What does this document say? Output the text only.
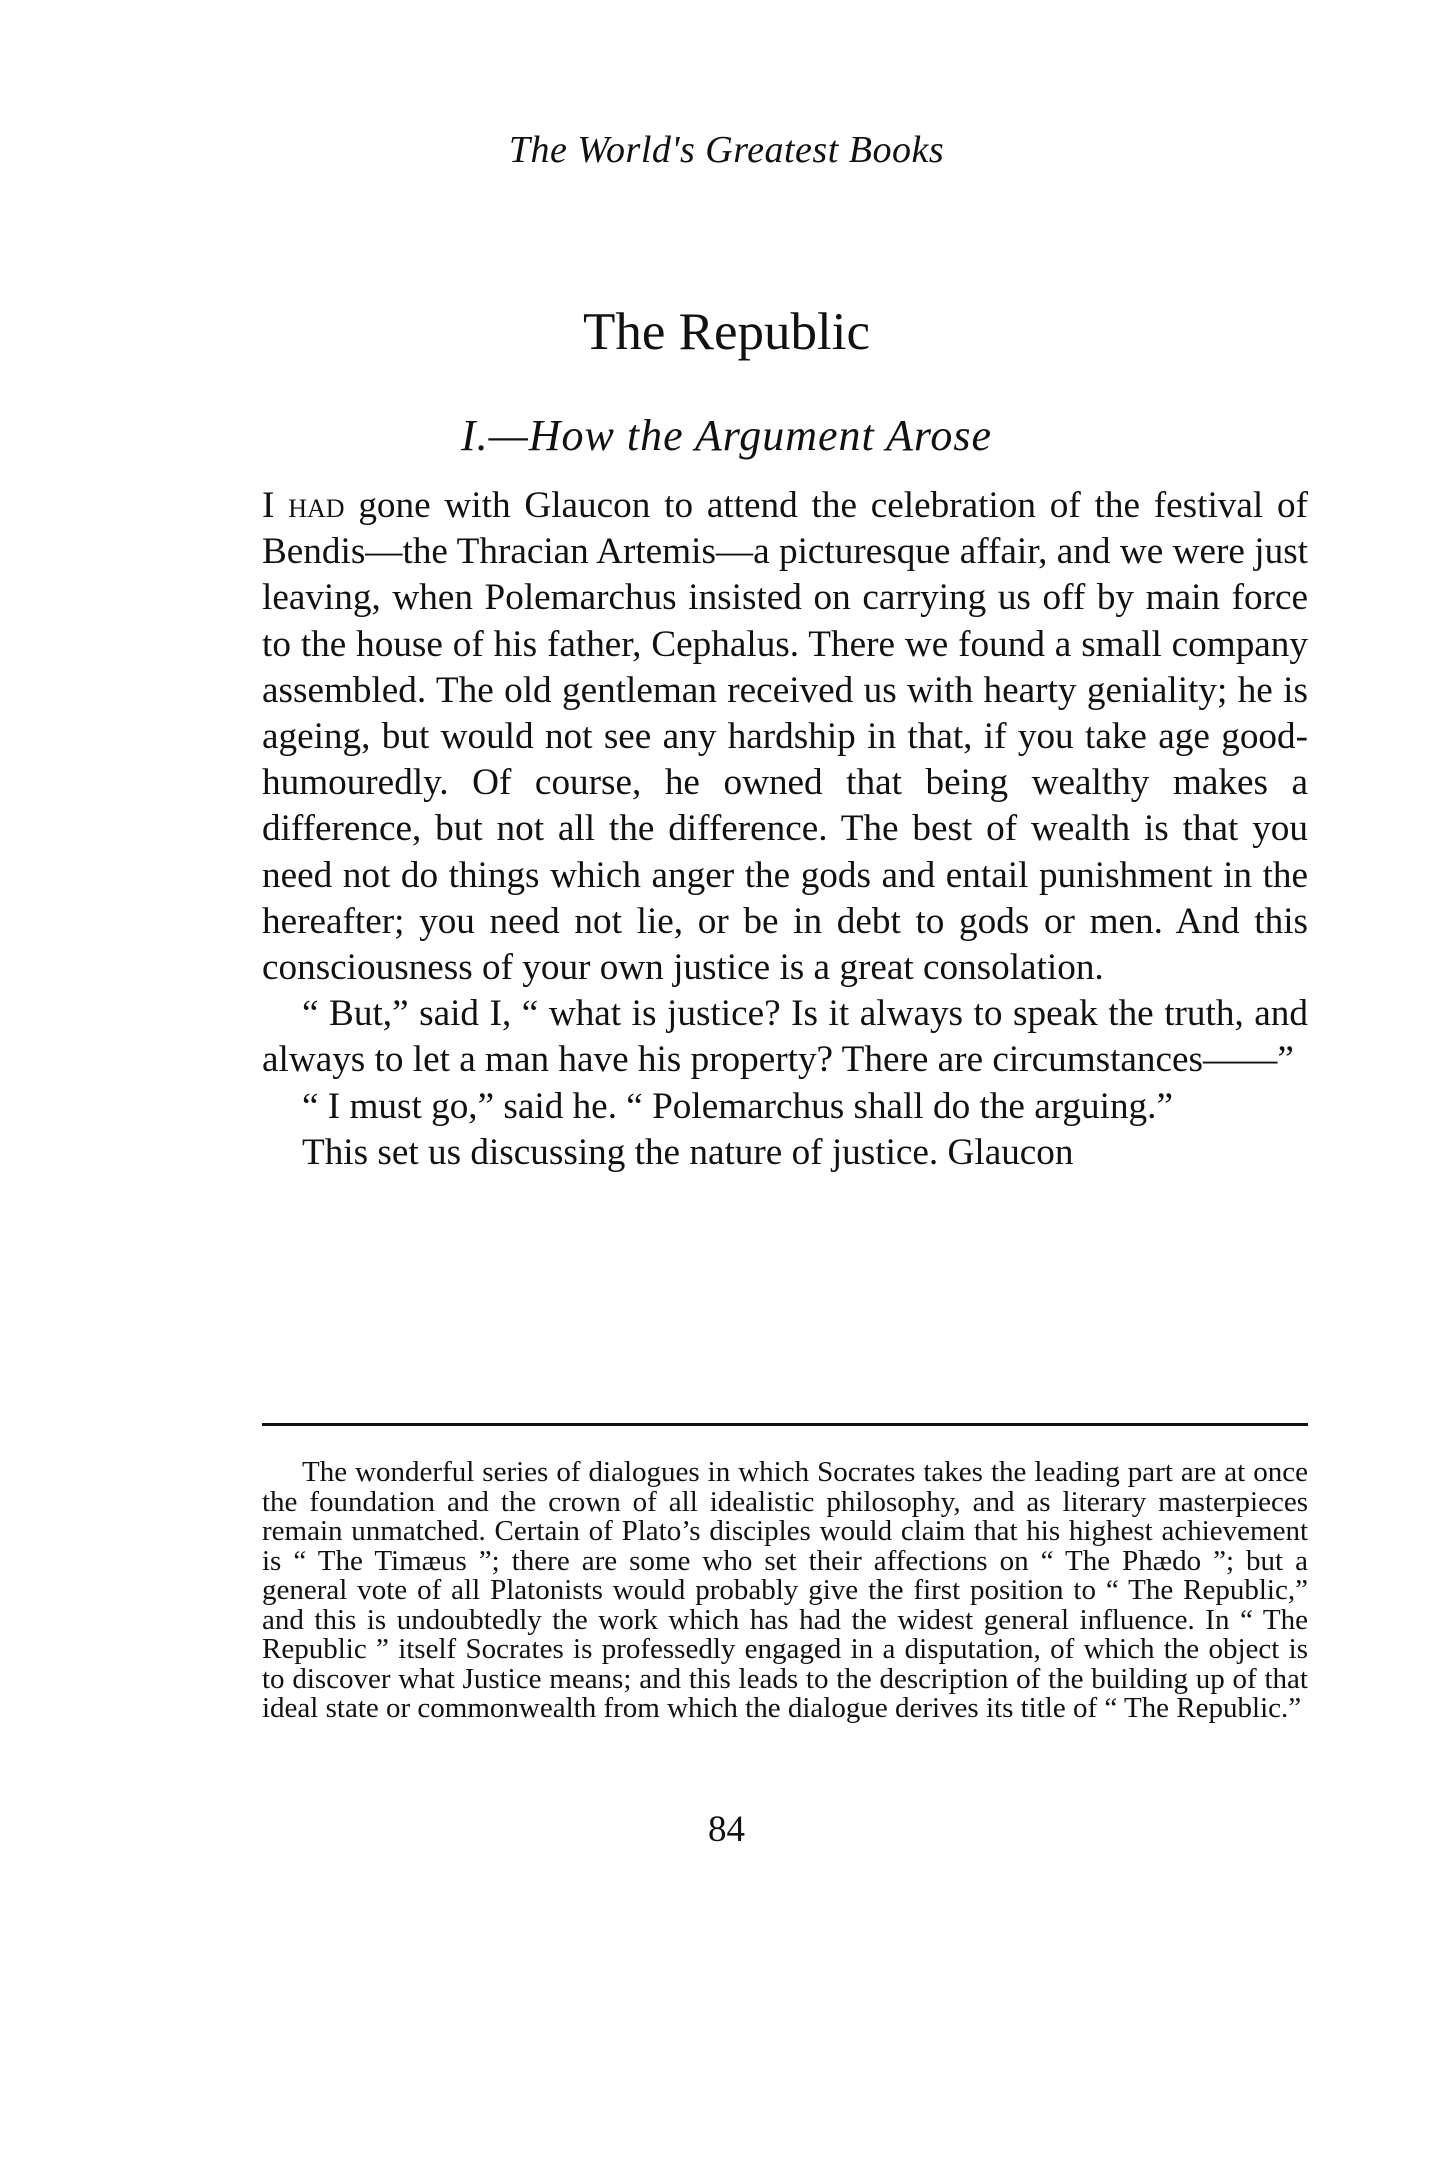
The World's Greatest Books
The Republic
I.—How the Argument Arose

I had gone with Glaucon to attend the celebration of the festival of Bendis—the Thracian Artemis—a picturesque affair, and we were just leaving, when Polemarchus insisted on carrying us off by main force to the house of his father, Cephalus. There we found a small company assembled. The old gentleman received us with hearty geniality; he is ageing, but would not see any hardship in that, if you take age good-humouredly. Of course, he owned that being wealthy makes a difference, but not all the difference. The best of wealth is that you need not do things which anger the gods and entail punishment in the hereafter; you need not lie, or be in debt to gods or men. And this consciousness of your own justice is a great consolation.

“ But,” said I, “ what is justice? Is it always to speak the truth, and always to let a man have his property? There are circumstances——”

“ I must go,” said he. “ Polemarchus shall do the arguing.”

This set us discussing the nature of justice. Glaucon

The wonderful series of dialogues in which Socrates takes the leading part are at once the foundation and the crown of all idealistic philosophy, and as literary masterpieces remain unmatched. Certain of Plato’s disciples would claim that his highest achievement is “ The Timæus ”; there are some who set their affections on “ The Phædo ”; but a general vote of all Platonists would probably give the first position to “ The Republic,” and this is undoubtedly the work which has had the widest general influence. In “ The Republic ” itself Socrates is professedly engaged in a disputation, of which the object is to discover what Justice means; and this leads to the description of the building up of that ideal state or commonwealth from which the dialogue derives its title of “ The Republic.”

84
